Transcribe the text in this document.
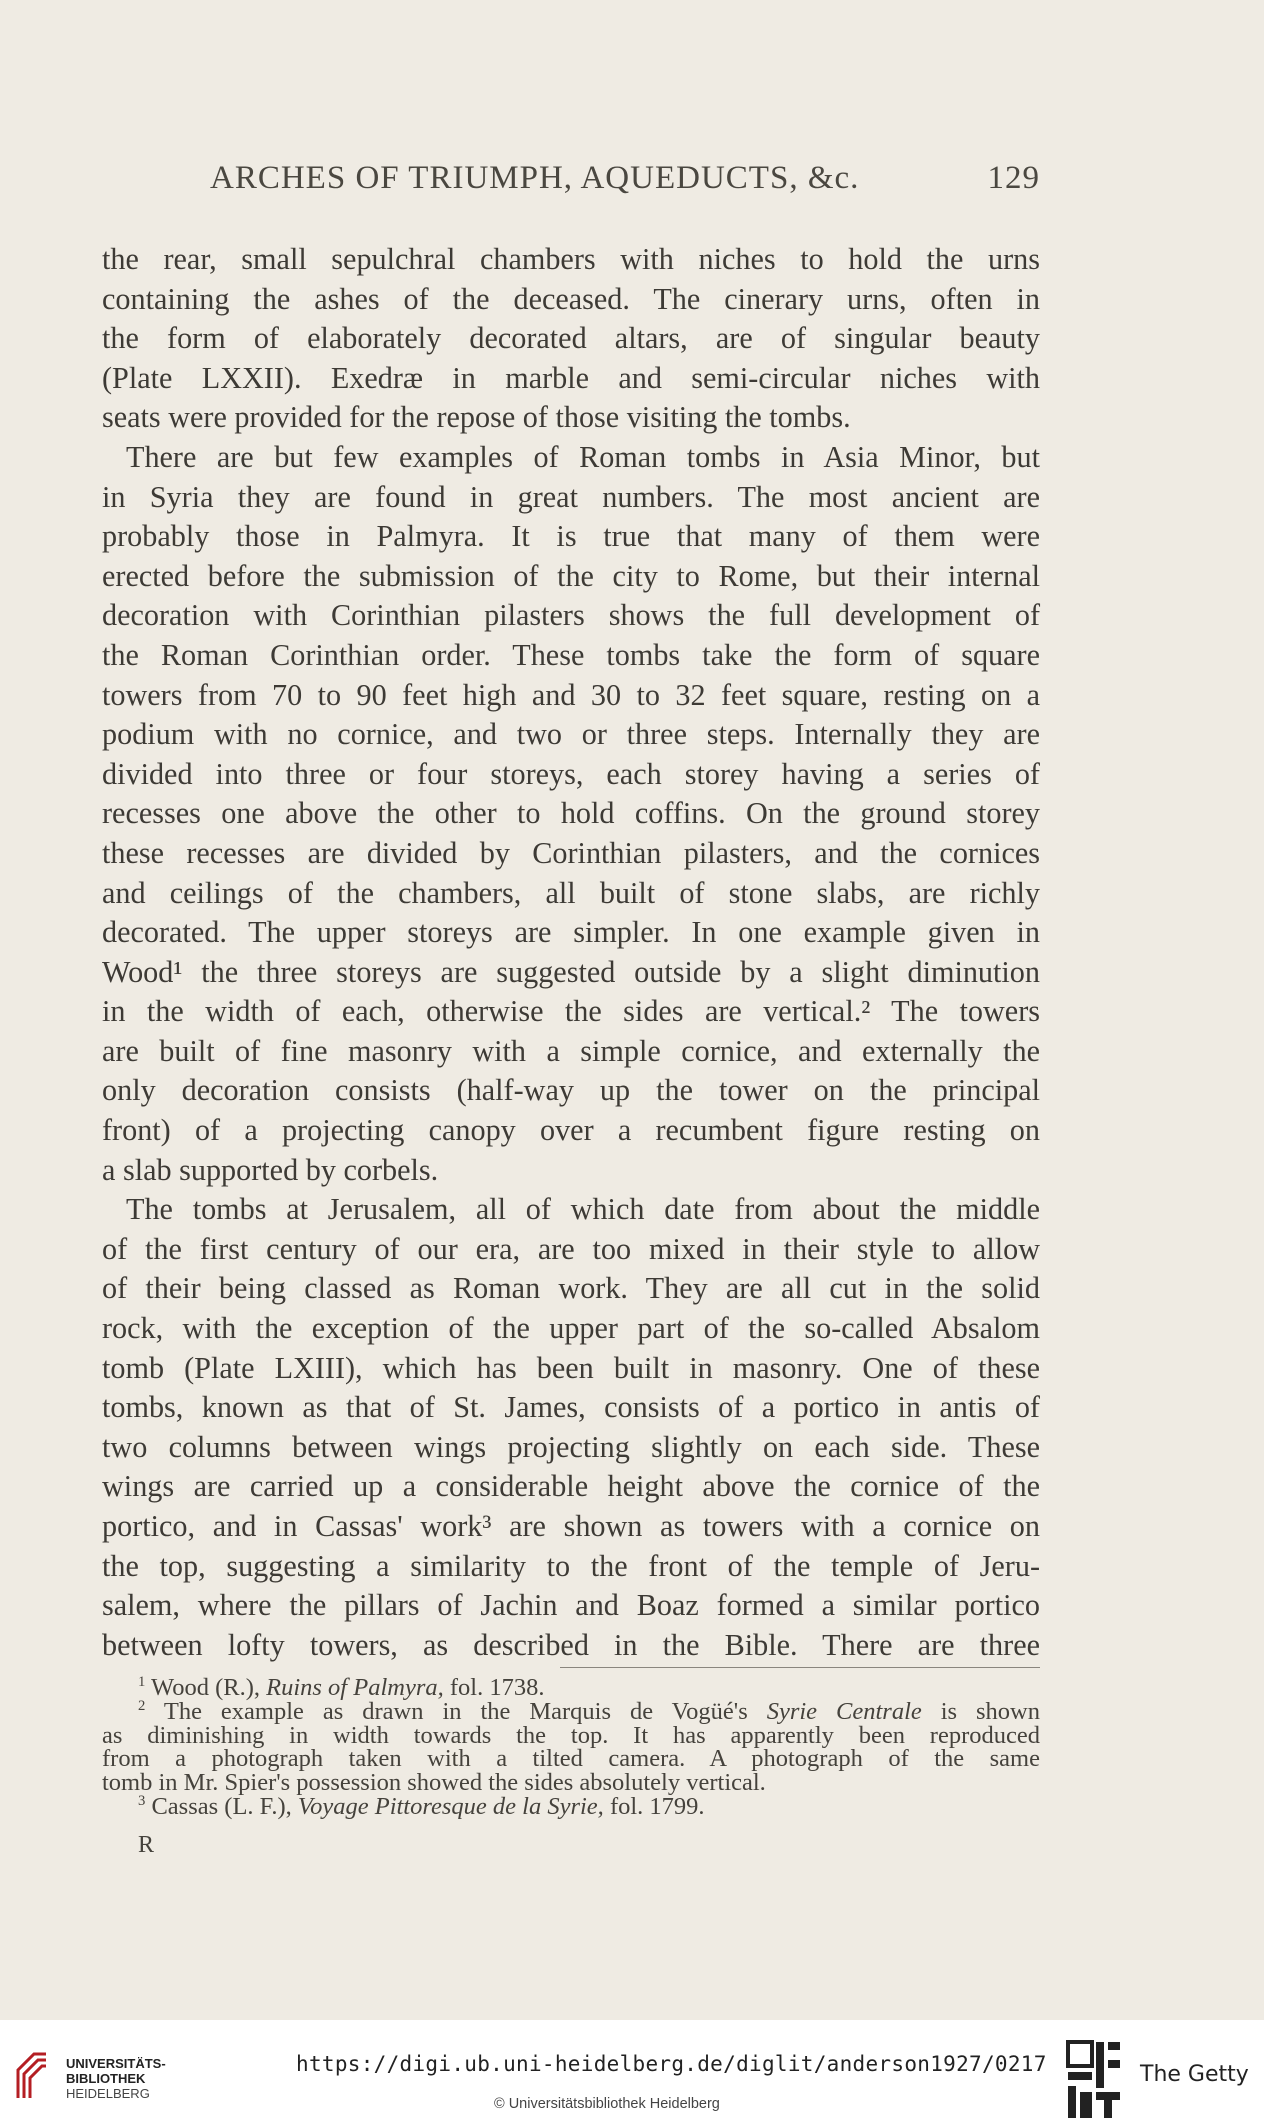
ARCHES OF TRIUMPH, AQUEDUCTS, &c.	129
the rear, small sepulchral chambers with niches to hold the urns
containing the ashes of the deceased. The cinerary urns, often in
the form of elaborately decorated altars, are of singular beauty
(Plate LXXII). Exedræ in marble and semi-circular niches with
seats were provided for the repose of those visiting the tombs.
There are but few examples of Roman tombs in Asia Minor, but
in Syria they are found in great numbers. The most ancient are
probably those in Palmyra. It is true that many of them were
erected before the submission of the city to Rome, but their internal
decoration with Corinthian pilasters shows the full development of
the Roman Corinthian order. These tombs take the form of square
towers from 70 to 90 feet high and 30 to 32 feet square, resting on a
podium with no cornice, and two or three steps. Internally they are
divided into three or four storeys, each storey having a series of
recesses one above the other to hold coffins. On the ground storey
these recesses are divided by Corinthian pilasters, and the cornices
and ceilings of the chambers, all built of stone slabs, are richly
decorated. The upper storeys are simpler. In one example given in
Wood¹ the three storeys are suggested outside by a slight diminution
in the width of each, otherwise the sides are vertical.² The towers
are built of fine masonry with a simple cornice, and externally the
only decoration consists (half-way up the tower on the principal
front) of a projecting canopy over a recumbent figure resting on
a slab supported by corbels.
The tombs at Jerusalem, all of which date from about the middle
of the first century of our era, are too mixed in their style to allow
of their being classed as Roman work. They are all cut in the solid
rock, with the exception of the upper part of the so-called Absalom
tomb (Plate LXIII), which has been built in masonry. One of these
tombs, known as that of St. James, consists of a portico in antis of
two columns between wings projecting slightly on each side. These
wings are carried up a considerable height above the cornice of the
portico, and in Cassas' work³ are shown as towers with a cornice on
the top, suggesting a similarity to the front of the temple of Jeru-
salem, where the pillars of Jachin and Boaz formed a similar portico
between lofty towers, as described in the Bible. There are three
$^1$ Wood (R.), Ruins of Palmyra, fol. 1738.
$^2$ The example as drawn in the Marquis de Vogüé's Syrie Centrale is shown
as diminishing in width towards the top. It has apparently been reproduced
from a photograph taken with a tilted camera. A photograph of the same
tomb in Mr. Spier's possession showed the sides absolutely vertical.
$^3$ Cassas (L. F.), Voyage Pittoresque de la Syrie, fol. 1799.
R
UNIVERSITÄTS-
BIBLIOTHEK
HEIDELBERG
https://digi.ub.uni-heidelberg.de/diglit/anderson1927/0217
© Universitätsbibliothek Heidelberg
The Getty
